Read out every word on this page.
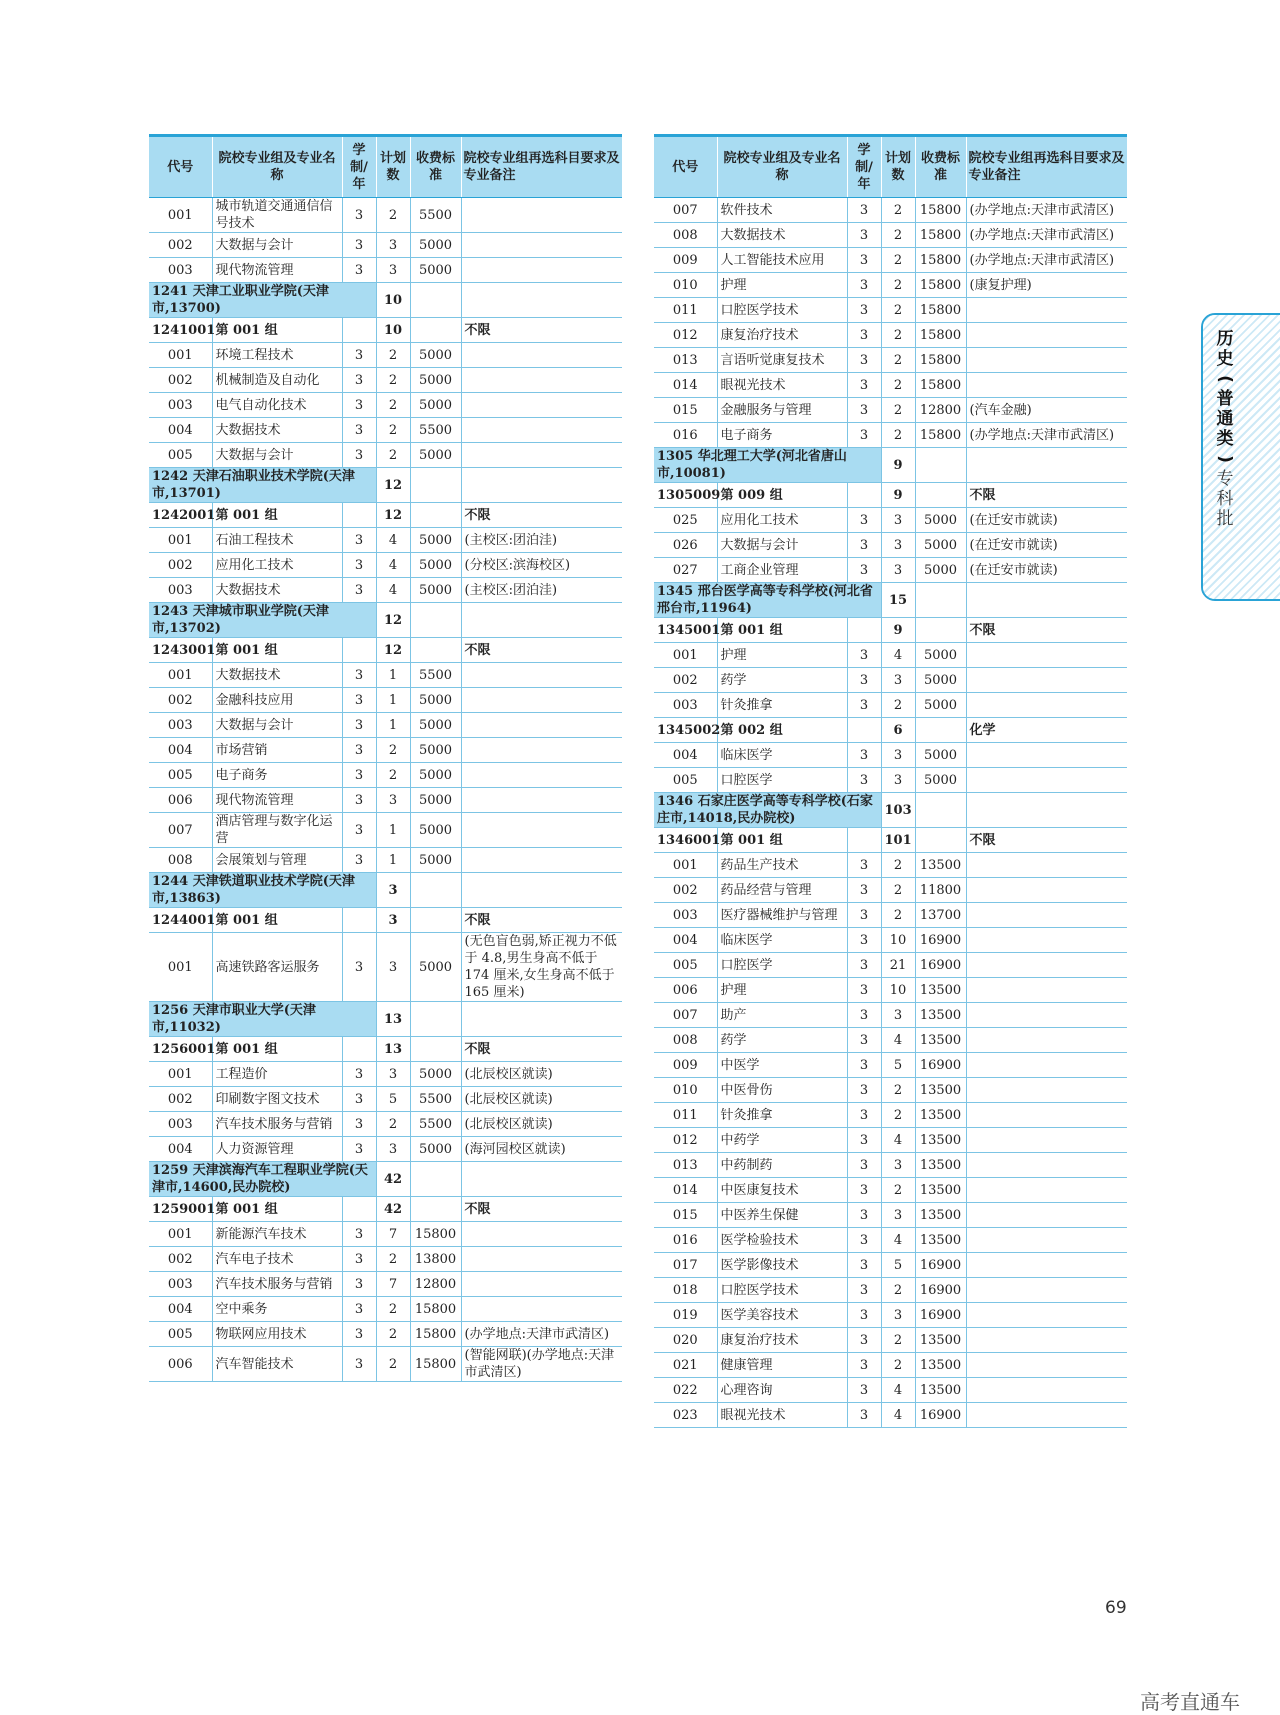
代号	院校专业组及专业名称	学制/年	计划数	收费标准	院校专业组再选科目要求及专业备注
001	城市轨道交通通信信号技术	3	2	5500	
002	大数据与会计	3	3	5000	
003	现代物流管理	3	3	5000	
1241 天津工业职业学院(天津市,13700)			10		
1241001	第 001 组		10		不限
001	环境工程技术	3	2	5000	
002	机械制造及自动化	3	2	5000	
003	电气自动化技术	3	2	5000	
004	大数据技术	3	2	5500	
005	大数据与会计	3	2	5000	
1242 天津石油职业技术学院(天津市,13701)			12		
1242001	第 001 组		12		不限
001	石油工程技术	3	4	5000	(主校区:团泊洼)
002	应用化工技术	3	4	5000	(分校区:滨海校区)
003	大数据技术	3	4	5000	(主校区:团泊洼)
1243 天津城市职业学院(天津市,13702)			12		
1243001	第 001 组		12		不限
001	大数据技术	3	1	5500	
002	金融科技应用	3	1	5000	
003	大数据与会计	3	1	5000	
004	市场营销	3	2	5000	
005	电子商务	3	2	5000	
006	现代物流管理	3	3	5000	
007	酒店管理与数字化运营	3	1	5000	
008	会展策划与管理	3	1	5000	
1244 天津铁道职业技术学院(天津市,13863)			3		
1244001	第 001 组		3		不限
001	高速铁路客运服务	3	3	5000	(无色盲色弱,矫正视力不低于 4.8,男生身高不低于 174 厘米,女生身高不低于 165 厘米)
1256 天津市职业大学(天津市,11032)			13		
1256001	第 001 组		13		不限
001	工程造价	3	3	5000	(北辰校区就读)
002	印刷数字图文技术	3	5	5500	(北辰校区就读)
003	汽车技术服务与营销	3	2	5500	(北辰校区就读)
004	人力资源管理	3	3	5000	(海河园校区就读)
1259 天津滨海汽车工程职业学院(天津市,14600,民办院校)			42		
1259001	第 001 组		42		不限
001	新能源汽车技术	3	7	15800	
002	汽车电子技术	3	2	13800	
003	汽车技术服务与营销	3	7	12800	
004	空中乘务	3	2	15800	
005	物联网应用技术	3	2	15800	(办学地点:天津市武清区)
006	汽车智能技术	3	2	15800	(智能网联)(办学地点:天津市武清区)
代号	院校专业组及专业名称	学制/年	计划数	收费标准	院校专业组再选科目要求及专业备注
007	软件技术	3	2	15800	(办学地点:天津市武清区)
008	大数据技术	3	2	15800	(办学地点:天津市武清区)
009	人工智能技术应用	3	2	15800	(办学地点:天津市武清区)
010	护理	3	2	15800	(康复护理)
011	口腔医学技术	3	2	15800	
012	康复治疗技术	3	2	15800	
013	言语听觉康复技术	3	2	15800	
014	眼视光技术	3	2	15800	
015	金融服务与管理	3	2	12800	(汽车金融)
016	电子商务	3	2	15800	(办学地点:天津市武清区)
1305 华北理工大学(河北省唐山市,10081)			9		
1305009	第 009 组		9		不限
025	应用化工技术	3	3	5000	(在迁安市就读)
026	大数据与会计	3	3	5000	(在迁安市就读)
027	工商企业管理	3	3	5000	(在迁安市就读)
1345 邢台医学高等专科学校(河北省邢台市,11964)			15		
1345001	第 001 组		9		不限
001	护理	3	4	5000	
002	药学	3	3	5000	
003	针灸推拿	3	2	5000	
1345002	第 002 组		6		化学
004	临床医学	3	3	5000	
005	口腔医学	3	3	5000	
1346 石家庄医学高等专科学校(石家庄市,14018,民办院校)			103		
1346001	第 001 组		101		不限
001	药品生产技术	3	2	13500	
002	药品经营与管理	3	2	11800	
003	医疗器械维护与管理	3	2	13700	
004	临床医学	3	10	16900	
005	口腔医学	3	21	16900	
006	护理	3	10	13500	
007	助产	3	3	13500	
008	药学	3	4	13500	
009	中医学	3	5	16900	
010	中医骨伤	3	2	13500	
011	针灸推拿	3	2	13500	
012	中药学	3	4	13500	
013	中药制药	3	3	13500	
014	中医康复技术	3	2	13500	
015	中医养生保健	3	3	13500	
016	医学检验技术	3	4	13500	
017	医学影像技术	3	5	16900	
018	口腔医学技术	3	2	16900	
019	医学美容技术	3	3	16900	
020	康复治疗技术	3	2	13500	
021	健康管理	3	2	13500	
022	心理咨询	3	4	13500	
023	眼视光技术	3	4	16900	
历
史

(
普
通
类
)

专
科
批

69
高考直通车
